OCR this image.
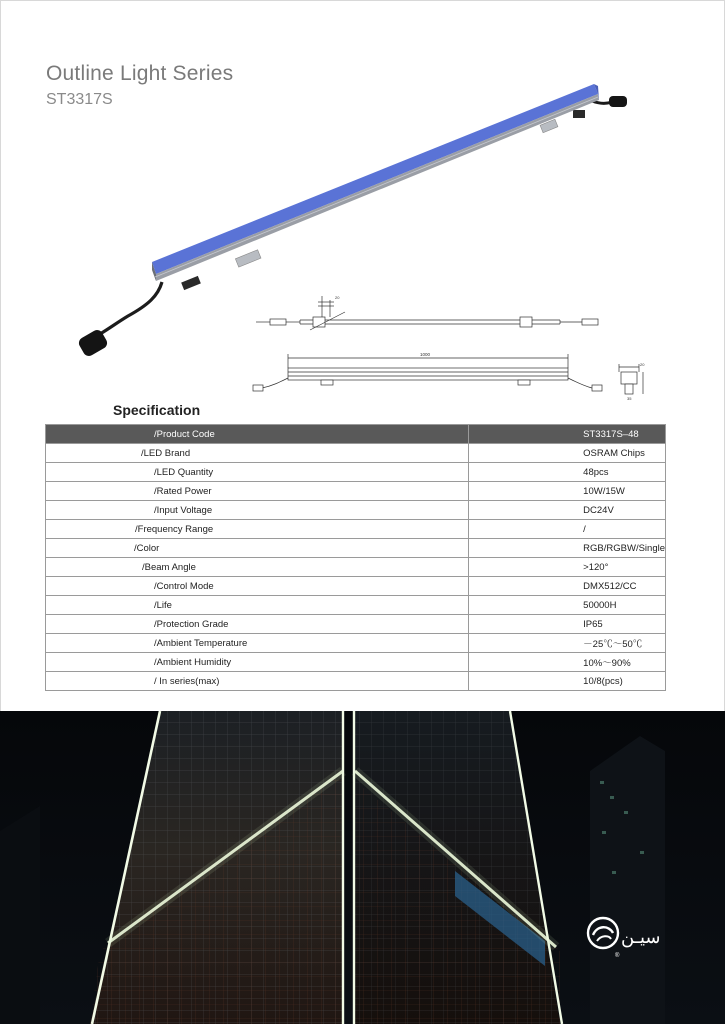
Outline Light Series
ST3317S
20
1000
20
35
Specification
/Product Code	ST3317S–48
/LED Brand	OSRAM Chips
/LED Quantity	48pcs
/Rated Power	10W/15W
/Input Voltage	DC24V
/Frequency Range	/
/Color	RGB/RGBW/Single
/Beam Angle	>120°
/Control Mode	DMX512/CC
/Life	50000H
/Protection Grade	IP65
/Ambient Temperature	－25℃～50℃
/Ambient Humidity	10%～90%
/ In series(max)	10/8(pcs)
سيـن
®
